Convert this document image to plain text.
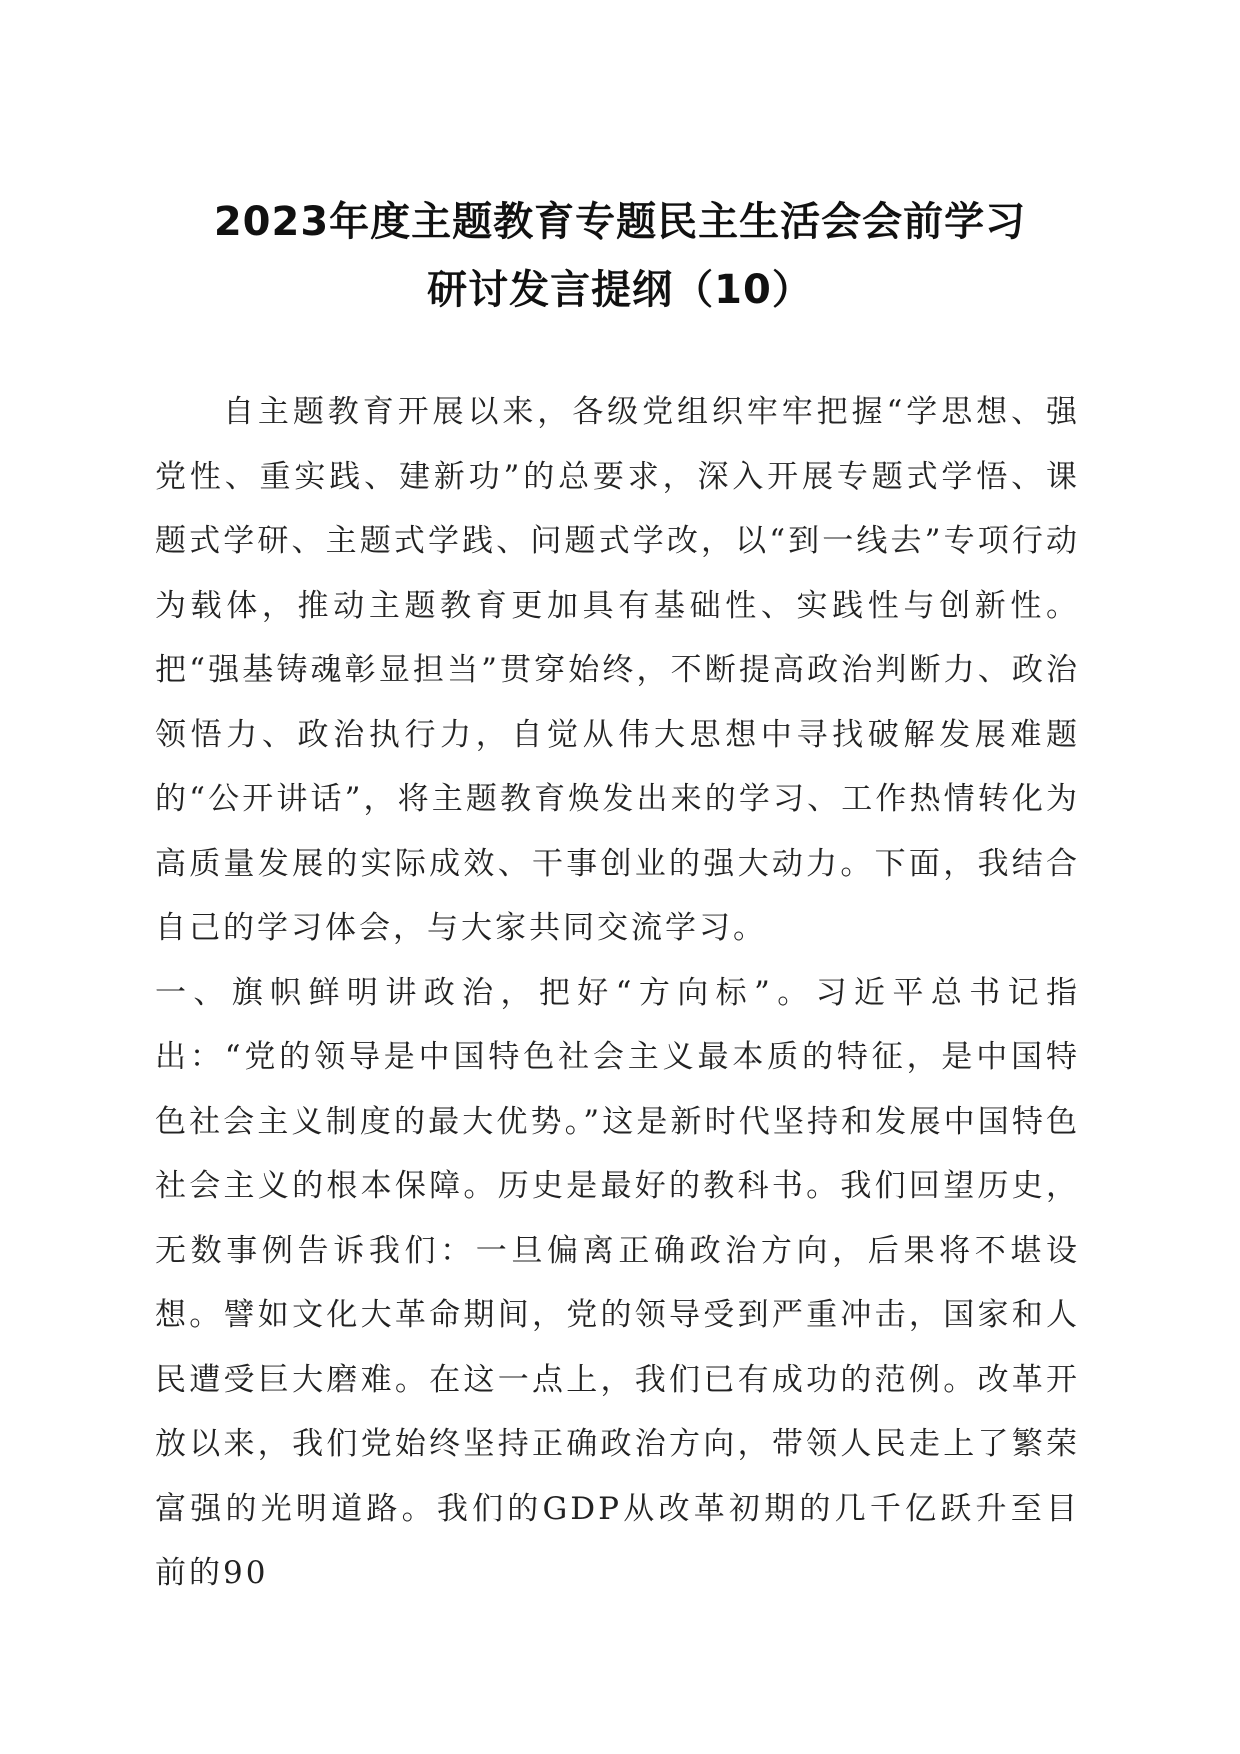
2023年度主题教育专题民主生活会会前学习
研讨发言提纲（10）

自主题教育开展以来，各级党组织牢牢把握“学思想、强党性、重实践、建新功”的总要求，深入开展专题式学悟、课题式学研、主题式学践、问题式学改，以“到一线去”专项行动为载体，推动主题教育更加具有基础性、实践性与创新性。把“强基铸魂彰显担当”贯穿始终，不断提高政治判断力、政治领悟力、政治执行力，自觉从伟大思想中寻找破解发展难题的“公开讲话”，将主题教育焕发出来的学习、工作热情转化为高质量发展的实际成效、干事创业的强大动力。下面，我结合自己的学习体会，与大家共同交流学习。

一、旗帜鲜明讲政治，把好“方向标”。习近平总书记指出：“党的领导是中国特色社会主义最本质的特征，是中国特色社会主义制度的最大优势。”这是新时代坚持和发展中国特色社会主义的根本保障。历史是最好的教科书。我们回望历史，无数事例告诉我们：一旦偏离正确政治方向，后果将不堪设想。譬如文化大革命期间，党的领导受到严重冲击，国家和人民遭受巨大磨难。在这一点上，我们已有成功的范例。改革开放以来，我们党始终坚持正确政治方向，带领人民走上了繁荣富强的光明道路。我们的GDP从改革初期的几千亿跃升至目前的90
